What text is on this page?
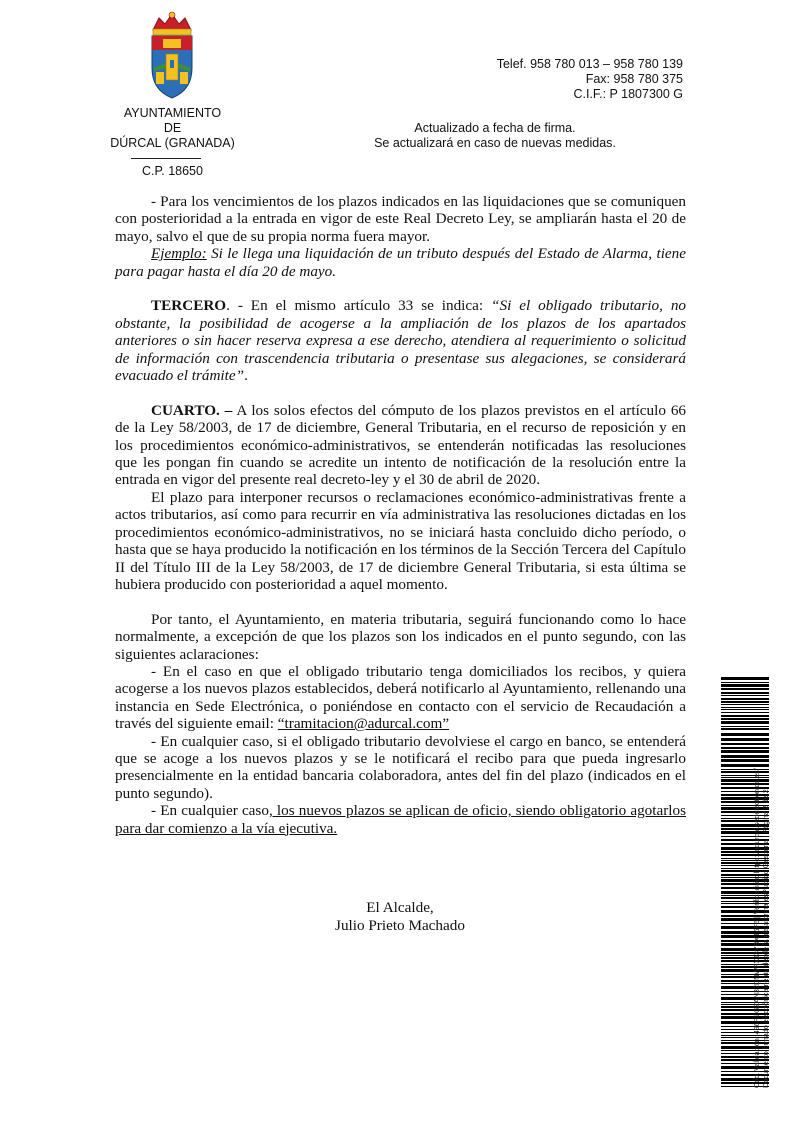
AYUNTAMIENTO
DE
DÚRCAL (GRANADA)
C.P. 18650
Telef. 958 780 013 – 958 780 139
Fax: 958 780 375
C.I.F.: P 1807300 G
Actualizado a fecha de firma.
Se actualizará en caso de nuevas medidas.

- Para los vencimientos de los plazos indicados en las liquidaciones que se comuniquen con posterioridad a la entrada en vigor de este Real Decreto Ley, se ampliarán hasta el 20 de mayo, salvo el que de su propia norma fuera mayor.

Ejemplo: Si le llega una liquidación de un tributo después del Estado de Alarma, tiene para pagar hasta el día 20 de mayo.

TERCERO. - En el mismo artículo 33 se indica: “Si el obligado tributario, no obstante, la posibilidad de acogerse a la ampliación de los plazos de los apartados anteriores o sin hacer reserva expresa a ese derecho, atendiera al requerimiento o solicitud de información con trascendencia tributaria o presentase sus alegaciones, se considerará evacuado el trámite”.

CUARTO. – A los solos efectos del cómputo de los plazos previstos en el artículo 66 de la Ley 58/2003, de 17 de diciembre, General Tributaria, en el recurso de reposición y en los procedimientos económico-administrativos, se entenderán notificadas las resoluciones que les pongan fin cuando se acredite un intento de notificación de la resolución entre la entrada en vigor del presente real decreto-ley y el 30 de abril de 2020.

El plazo para interponer recursos o reclamaciones económico-administrativas frente a actos tributarios, así como para recurrir en vía administrativa las resoluciones dictadas en los procedimientos económico-administrativos, no se iniciará hasta concluido dicho período, o hasta que se haya producido la notificación en los términos de la Sección Tercera del Capítulo II del Título III de la Ley 58/2003, de 17 de diciembre General Tributaria, si esta última se hubiera producido con posterioridad a aquel momento.

Por tanto, el Ayuntamiento, en materia tributaria, seguirá funcionando como lo hace normalmente, a excepción de que los plazos son los indicados en el punto segundo, con las siguientes aclaraciones:

- En el caso en que el obligado tributario tenga domiciliados los recibos, y quiera acogerse a los nuevos plazos establecidos, deberá notificarlo al Ayuntamiento, rellenando una instancia en Sede Electrónica, o poniéndose en contacto con el servicio de Recaudación a través del siguiente email: “tramitacion@adurcal.com”

- En cualquier caso, si el obligado tributario devolviese el cargo en banco, se entenderá que se acoge a los nuevos plazos y se le notificará el recibo para que pueda ingresarlo presencialmente en la entidad bancaria colaboradora, antes del fin del plazo (indicados en el punto segundo).

- En cualquier caso, los nuevos plazos se aplican de oficio, siendo obligatorio agotarlos para dar comienzo a la vía ejecutiva.

El Alcalde,
Julio Prieto Machado	Cód. Validación: 496RLGZAN32DNWFXJ3YBXT6F6 | Verificación: https://adurcal.sedelectronica.es/ Documento firmado electrónicamente desde la plataforma esPublico Gestiona | Página 2 de 2
